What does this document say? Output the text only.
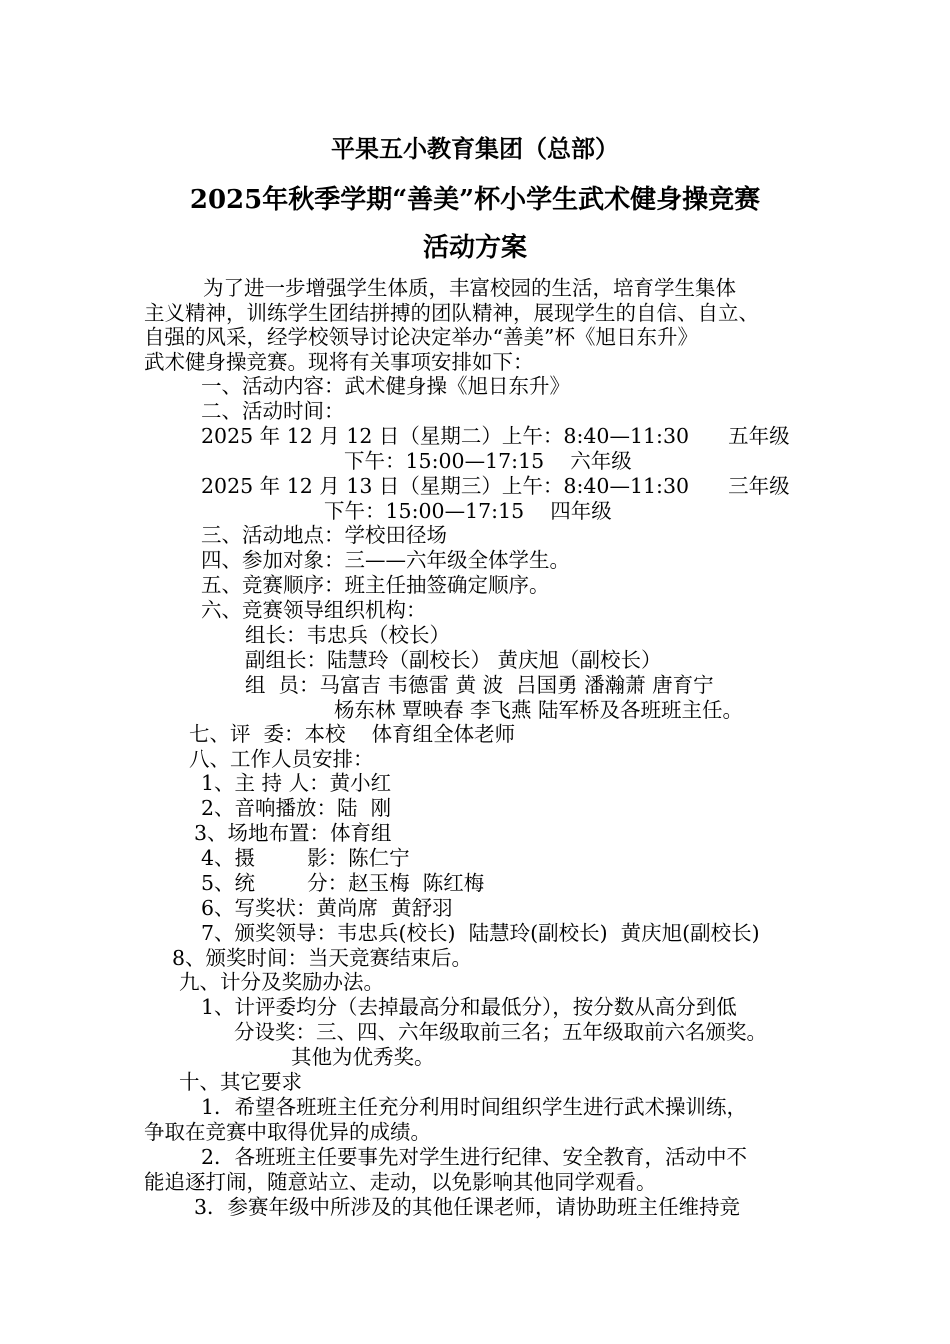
平果五小教育集团（总部）
2025年秋季学期“善美”杯小学生武术健身操竞赛
活动方案
为了进一步增强学生体质，丰富校园的生活，培育学生集体
主义精神，训练学生团结拼搏的团队精神，展现学生的自信、自立、
自强的风采，经学校领导讨论决定举办“善美”杯《旭日东升》
武术健身操竞赛。现将有关事项安排如下：
一、活动内容：武术健身操《旭日东升》
二、活动时间：
2025 年 12 月 12 日（星期二）上午：8:40—11:30      五年级
下午：15:00—17:15    六年级
2025 年 12 月 13 日（星期三）上午：8:40—11:30      三年级
下午：15:00—17:15    四年级
三、活动地点：学校田径场
四、参加对象：三——六年级全体学生。
五、竞赛顺序：班主任抽签确定顺序。
六、竞赛领导组织机构：
组长：韦忠兵（校长）
副组长：陆慧玲（副校长） 黄庆旭（副校长）
组  员：马富吉 韦德雷 黄 波  吕国勇 潘瀚萧 唐育宁
杨东林 覃映春 李飞燕 陆军桥及各班班主任。
七、评  委：本校    体育组全体老师
八、工作人员安排：
1、主 持 人：黄小红
2、音响播放：陆  刚
3、场地布置：体育组
4、摄        影：陈仁宁
5、统        分：赵玉梅  陈红梅
6、写奖状：黄尚席  黄舒羽
7、颁奖领导：韦忠兵(校长)  陆慧玲(副校长)  黄庆旭(副校长)
8、颁奖时间：当天竞赛结束后。
九、计分及奖励办法。
1、计评委均分（去掉最高分和最低分），按分数从高分到低
分设奖：三、四、六年级取前三名；五年级取前六名颁奖。
其他为优秀奖。
十、其它要求
1．希望各班班主任充分利用时间组织学生进行武术操训练，
争取在竞赛中取得优异的成绩。
2．各班班主任要事先对学生进行纪律、安全教育，活动中不
能追逐打闹，随意站立、走动，以免影响其他同学观看。
3．参赛年级中所涉及的其他任课老师，请协助班主任维持竞
